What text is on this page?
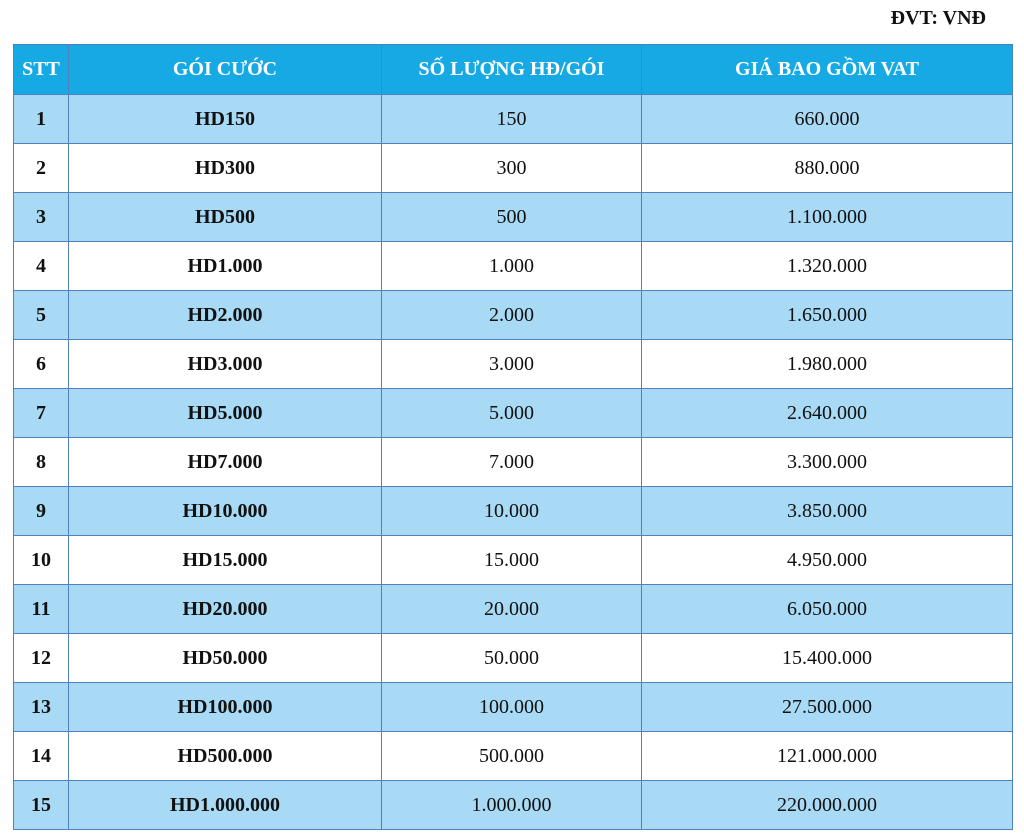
ĐVT: VNĐ
STT	GÓI CƯỚC	SỐ LƯỢNG HĐ/GÓI	GIÁ BAO GỒM VAT
1	HD150	150	660.000
2	HD300	300	880.000
3	HD500	500	1.100.000
4	HD1.000	1.000	1.320.000
5	HD2.000	2.000	1.650.000
6	HD3.000	3.000	1.980.000
7	HD5.000	5.000	2.640.000
8	HD7.000	7.000	3.300.000
9	HD10.000	10.000	3.850.000
10	HD15.000	15.000	4.950.000
11	HD20.000	20.000	6.050.000
12	HD50.000	50.000	15.400.000
13	HD100.000	100.000	27.500.000
14	HD500.000	500.000	121.000.000
15	HD1.000.000	1.000.000	220.000.000
